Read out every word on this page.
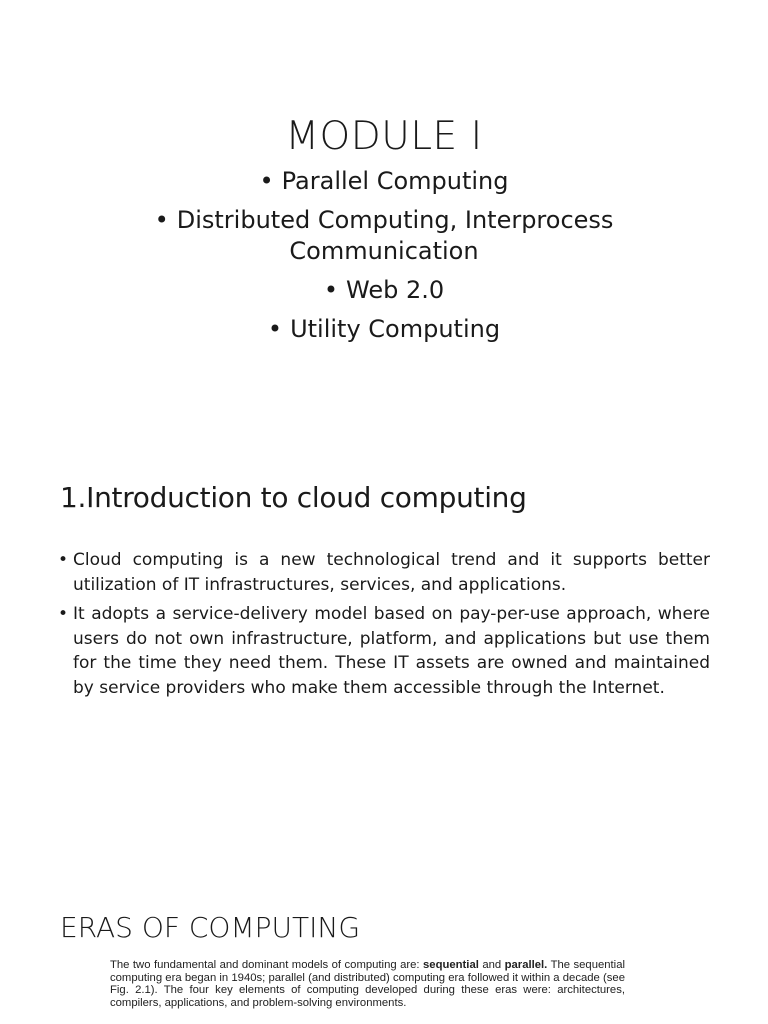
MODULE I
• Parallel Computing
• Distributed Computing, Interprocess
Communication
• Web 2.0
• Utility Computing
1.Introduction to cloud computing
• Cloud computing is a new technological trend and it supports better utilization of IT infrastructures, services, and applications.
• It adopts a service-delivery model based on pay-per-use approach, where users do not own infrastructure, platform, and applications but use them for the time they need them. These IT assets are owned and maintained by service providers who make them accessible through the Internet.
ERAS OF COMPUTING
The two fundamental and dominant models of computing are: sequential and parallel. The sequential computing era began in 1940s; parallel (and distributed) computing era followed it within a decade (see Fig. 2.1). The four key elements of computing developed during these eras were: architectures, compilers, applications, and problem-solving environments.
